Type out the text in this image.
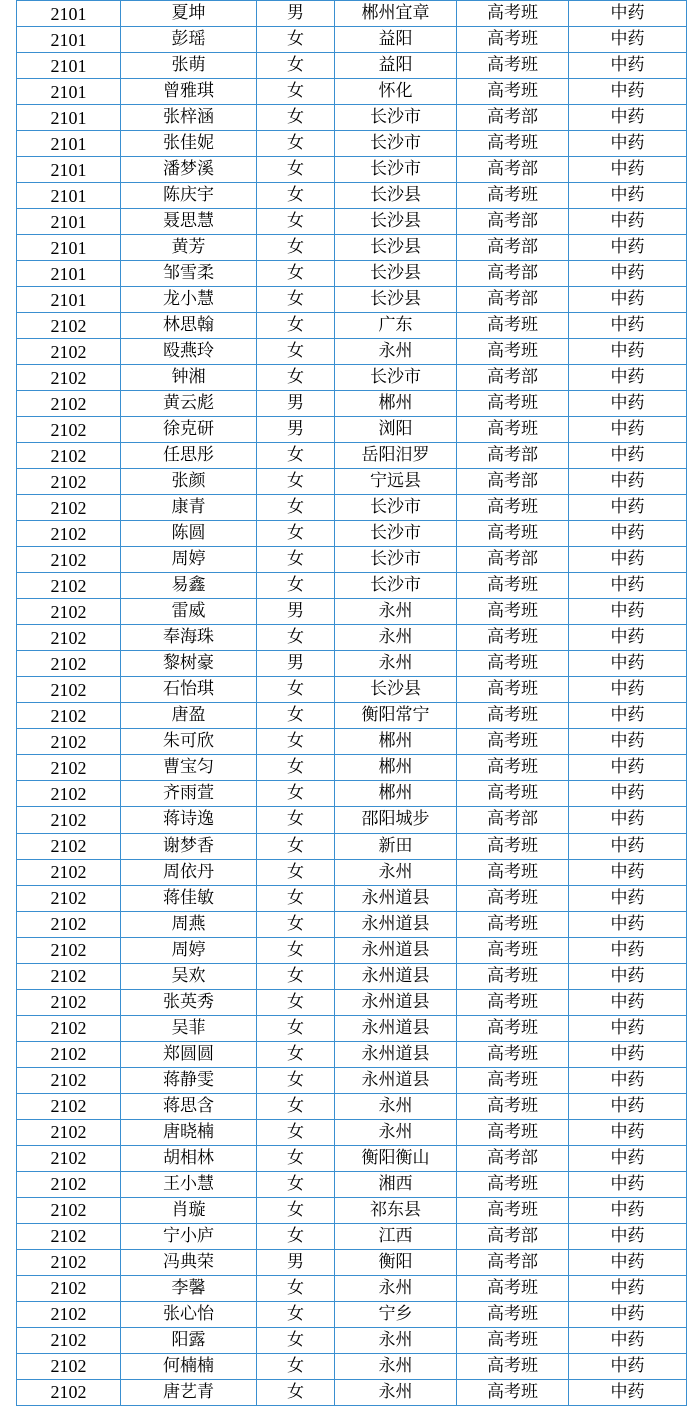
2101	夏坤	男	郴州宜章	高考班	中药
2101	彭瑶	女	益阳	高考班	中药
2101	张萌	女	益阳	高考班	中药
2101	曾雅琪	女	怀化	高考班	中药
2101	张梓涵	女	长沙市	高考部	中药
2101	张佳妮	女	长沙市	高考班	中药
2101	潘梦溪	女	长沙市	高考部	中药
2101	陈庆宇	女	长沙县	高考班	中药
2101	聂思慧	女	长沙县	高考部	中药
2101	黄芳	女	长沙县	高考部	中药
2101	邹雪柔	女	长沙县	高考部	中药
2101	龙小慧	女	长沙县	高考部	中药
2102	林思翰	女	广东	高考班	中药
2102	殴燕玲	女	永州	高考班	中药
2102	钟湘	女	长沙市	高考部	中药
2102	黄云彪	男	郴州	高考班	中药
2102	徐克研	男	浏阳	高考班	中药
2102	任思彤	女	岳阳汨罗	高考部	中药
2102	张颜	女	宁远县	高考部	中药
2102	康青	女	长沙市	高考班	中药
2102	陈圆	女	长沙市	高考班	中药
2102	周婷	女	长沙市	高考部	中药
2102	易鑫	女	长沙市	高考班	中药
2102	雷威	男	永州	高考班	中药
2102	奉海珠	女	永州	高考班	中药
2102	黎树豪	男	永州	高考班	中药
2102	石怡琪	女	长沙县	高考班	中药
2102	唐盈	女	衡阳常宁	高考班	中药
2102	朱可欣	女	郴州	高考班	中药
2102	曹宝匀	女	郴州	高考班	中药
2102	齐雨萱	女	郴州	高考班	中药
2102	蒋诗逸	女	邵阳城步	高考部	中药
2102	谢梦香	女	新田	高考班	中药
2102	周依丹	女	永州	高考班	中药
2102	蒋佳敏	女	永州道县	高考班	中药
2102	周燕	女	永州道县	高考班	中药
2102	周婷	女	永州道县	高考班	中药
2102	吴欢	女	永州道县	高考班	中药
2102	张英秀	女	永州道县	高考班	中药
2102	吴菲	女	永州道县	高考班	中药
2102	郑圆圆	女	永州道县	高考班	中药
2102	蒋静雯	女	永州道县	高考班	中药
2102	蒋思含	女	永州	高考班	中药
2102	唐晓楠	女	永州	高考班	中药
2102	胡相林	女	衡阳衡山	高考部	中药
2102	王小慧	女	湘西	高考班	中药
2102	肖璇	女	祁东县	高考班	中药
2102	宁小庐	女	江西	高考部	中药
2102	冯典荣	男	衡阳	高考部	中药
2102	李馨	女	永州	高考班	中药
2102	张心怡	女	宁乡	高考班	中药
2102	阳露	女	永州	高考班	中药
2102	何楠楠	女	永州	高考班	中药
2102	唐艺青	女	永州	高考班	中药
